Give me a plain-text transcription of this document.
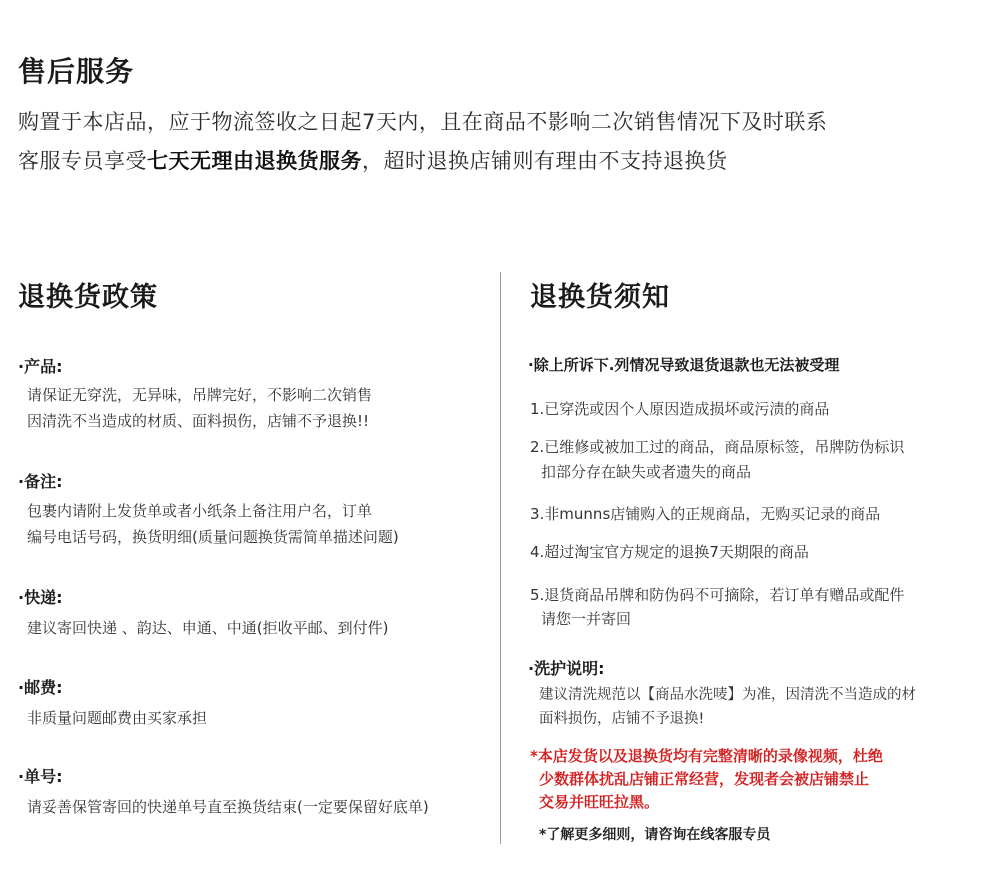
售后服务
购置于本店品，应于物流签收之日起7天内，且在商品不影响二次销售情况下及时联系
客服专员享受七天无理由退换货服务，超时退换店铺则有理由不支持退换货
退换货政策
·产品:
请保证无穿洗，无异味，吊牌完好，不影响二次销售
因清洗不当造成的材质、面料损伤，店铺不予退换!!
·备注:
包裹内请附上发货单或者小纸条上备注用户名，订单
编号电话号码，换货明细(质量问题换货需简单描述问题)
·快递:
建议寄回快递 、韵达、申通、中通(拒收平邮、到付件)
·邮费:
非质量问题邮费由买家承担
·单号:
请妥善保管寄回的快递单号直至换货结束(一定要保留好底单)
退换货须知
·除上所诉下.列情况导致退货退款也无法被受理
1.已穿洗或因个人原因造成损坏或污渍的商品
2.已维修或被加工过的商品，商品原标签，吊牌防伪标识
扣部分存在缺失或者遗失的商品
3.非munns店铺购入的正规商品，无购买记录的商品
4.超过淘宝官方规定的退换7天期限的商品
5.退货商品吊牌和防伪码不可摘除，若订单有赠品或配件
请您一并寄回
·洗护说明:
建议清洗规范以【商品水洗唛】为准，因清洗不当造成的材
面料损伤，店铺不予退换!
*本店发货以及退换货均有完整清晰的录像视频，杜绝
少数群体扰乱店铺正常经营，发现者会被店铺禁止
交易并旺旺拉黑。
*了解更多细则，请咨询在线客服专员
